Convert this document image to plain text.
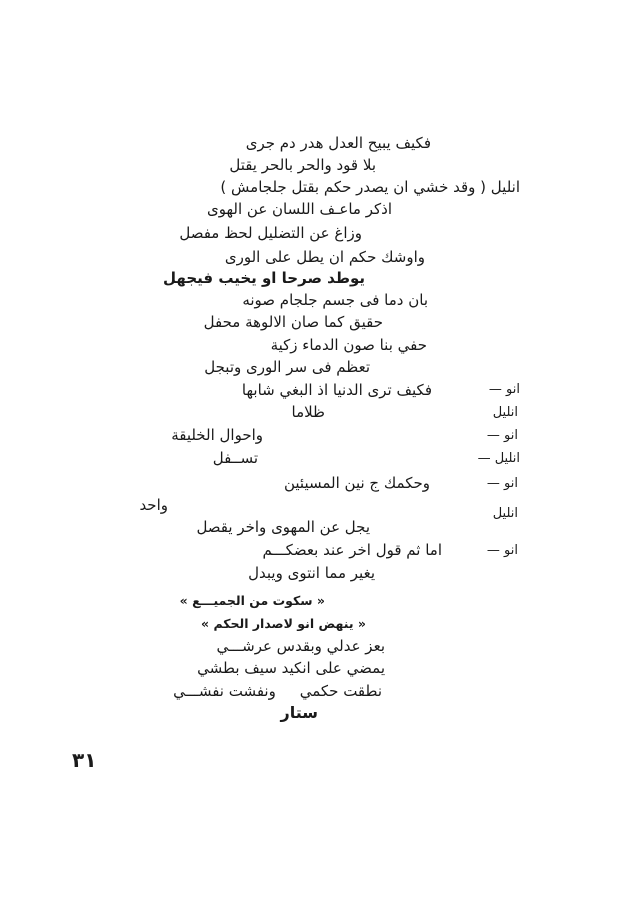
فكيف يبيح العدل هدر دم جرى
بلا قود والحر بالحر يقتل
انليل ( وقد خشي ان يصدر حكم بقتل جلجامش )
اذكر ماعـف اللسان عن الهوى
وزاغ عن التضليل لحظ مفصل
واوشك حكم ان يطل على الورى
يوطد صرحا او يخيب فيجهل
بان دما فى جسم جلجام صونه
حقيق كما صان الالوهة محفل
حفي بنا صون الدماء زكية
تعظم فى سر الورى وتبجل
انو —
فكيف ترى الدنيا اذ البغي شابها
انليل
ظلاما
انو —
واحوال الخليقة
انليل —
تســفل
انو —
وحكمك ج نين المسيئين
انليل
واحد
يجل عن المهوى واخر يقصل
انو —
اما ثم قول اخر عند بعضكـــم
يغير مما انتوى ويبدل
« سكوت من الجميـــع »
« ينهض انو لاصدار الحكم »
بعز عدلي وبقدس عرشـــي
يمضي على انكيد سيف بطشي
نطقت حكمي     ونفشت نفشـــي
ستار
٣١
